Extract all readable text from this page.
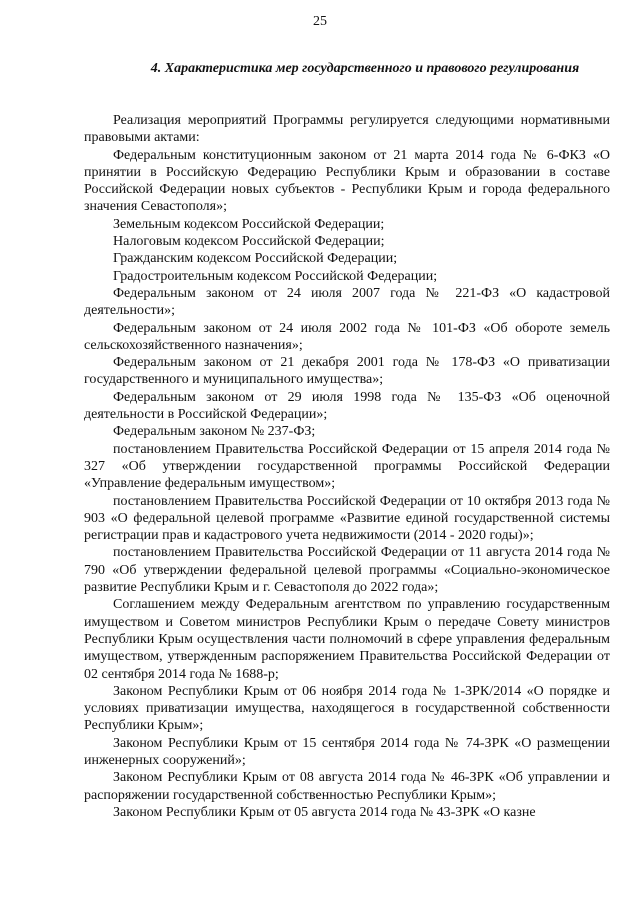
25
4. Характеристика мер государственного и правового регулирования

Реализация мероприятий Программы регулируется следующими нормативными правовыми актами:

Федеральным конституционным законом от 21 марта 2014 года № 6-ФКЗ «О принятии в Российскую Федерацию Республики Крым и образовании в составе Российской Федерации новых субъектов - Республики Крым и города федерального значения Севастополя»;

Земельным кодексом Российской Федерации;

Налоговым кодексом Российской Федерации;

Гражданским кодексом Российской Федерации;

Градостроительным кодексом Российской Федерации;

Федеральным законом от 24 июля 2007 года № 221-ФЗ «О кадастровой деятельности»;

Федеральным законом от 24 июля 2002 года № 101-ФЗ «Об обороте земель сельскохозяйственного назначения»;

Федеральным законом от 21 декабря 2001 года № 178-ФЗ «О приватизации государственного и муниципального имущества»;

Федеральным законом от 29 июля 1998 года № 135-ФЗ «Об оценочной деятельности в Российской Федерации»;

Федеральным законом № 237-ФЗ;

постановлением Правительства Российской Федерации от 15 апреля 2014 года № 327 «Об утверждении государственной программы Российской Федерации «Управление федеральным имуществом»;

постановлением Правительства Российской Федерации от 10 октября 2013 года № 903 «О федеральной целевой программе «Развитие единой государственной системы регистрации прав и кадастрового учета недвижимости (2014 - 2020 годы)»;

постановлением Правительства Российской Федерации от 11 августа 2014 года № 790 «Об утверждении федеральной целевой программы «Социально-экономическое развитие Республики Крым и г. Севастополя до 2022 года»;

Соглашением между Федеральным агентством по управлению государственным имуществом и Советом министров Республики Крым о передаче Совету министров Республики Крым осуществления части полномочий в сфере управления федеральным имуществом, утвержденным распоряжением Правительства Российской Федерации от 02 сентября 2014 года № 1688-р;

Законом Республики Крым от 06 ноября 2014 года № 1-ЗРК/2014 «О порядке и условиях приватизации имущества, находящегося в государственной собственности Республики Крым»;

Законом Республики Крым от 15 сентября 2014 года № 74-ЗРК «О размещении инженерных сооружений»;

Законом Республики Крым от 08 августа 2014 года № 46-ЗРК «Об управлении и распоряжении государственной собственностью Республики Крым»;

Законом Республики Крым от 05 августа 2014 года № 43-ЗРК «О казне
